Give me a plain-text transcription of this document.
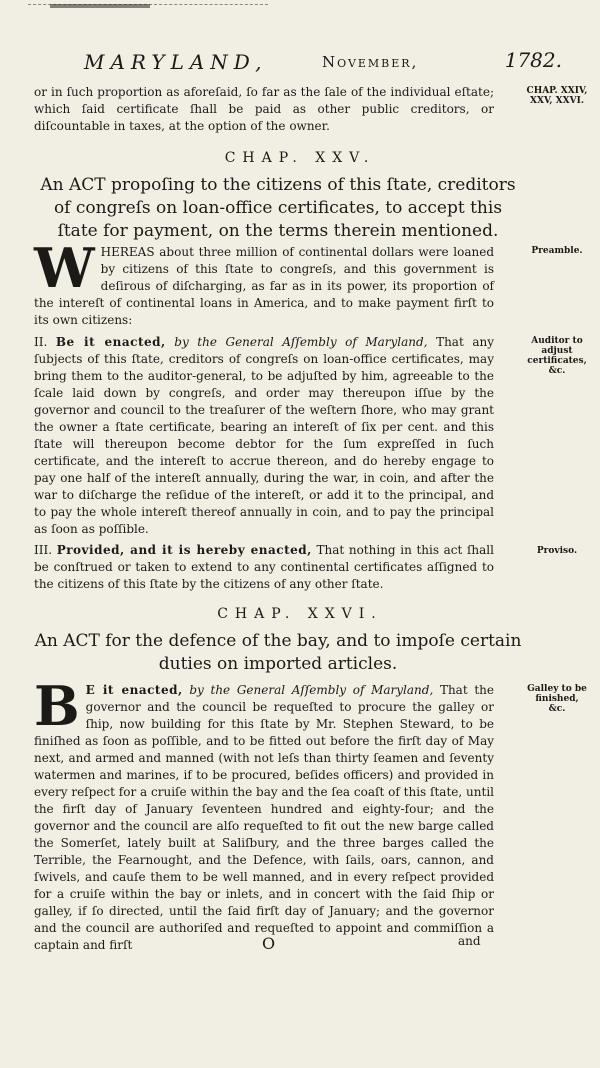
MARYLAND,	November,	1782.
CHAP. XXIV, XXV, XXVI.

or in ſuch proportion as aforeſaid, ſo far as the ſale of the individual eſtate; which ſaid certificate ſhall be paid as other public creditors, or diſcountable in taxes, at the option of the owner.

CHAP. XXV.

An ACT propoſing to the citizens of this ſtate, creditors of congreſs on loan-office certificates, to accept this ſtate for payment, on the terms therein mentioned.

Preamble.

WHEREAS about three million of continental dollars were loaned by citizens of this ſtate to congreſs, and this government is deſirous of diſcharging, as far as in its power, its proportion of the intereſt of continental loans in America, and to make payment firſt to its own citizens:

Auditor to adjust certificates, &c.

II. Be it enacted, by the General Aſſembly of Maryland, That any ſubjects of this ſtate, creditors of congreſs on loan-office certificates, may bring them to the auditor-general, to be adjuſted by him, agreeable to the ſcale laid down by congreſs, and order may thereupon iſſue by the governor and council to the treaſurer of the weſtern ſhore, who may grant the owner a ſtate certificate, bearing an intereſt of ſix per cent. and this ſtate will thereupon become debtor for the ſum expreſſed in ſuch certificate, and the intereſt to accrue thereon, and do hereby engage to pay one half of the intereſt annually, during the war, in coin, and after the war to diſcharge the reſidue of the intereſt, or add it to the principal, and to pay the whole intereſt thereof annually in coin, and to pay the principal as ſoon as poſſible.

Proviso.

III. Provided, and it is hereby enacted, That nothing in this act ſhall be conſtrued or taken to extend to any continental certificates aſſigned to the citizens of this ſtate by the citizens of any other ſtate.

CHAP. XXVI.

An ACT for the defence of the bay, and to impoſe certain duties on imported articles.

Galley to be finished, &c.

B E it enacted, by the General Aſſembly of Maryland, That the governor and the council be requeſted to procure the galley or ſhip, now building for this ſtate by Mr. Stephen Steward, to be finiſhed as ſoon as poſſible, and to be fitted out before the firſt day of May next, and armed and manned (with not leſs than thirty ſeamen and ſeventy watermen and marines, if to be procured, beſides officers) and provided in every reſpect for a cruiſe within the bay and the ſea coaſt of this ſtate, until the firſt day of January ſeventeen hundred and eighty-four; and the governor and the council are alſo requeſted to fit out the new barge called the Somerſet, lately built at Saliſbury, and the three barges called the Terrible, the Fearnought, and the Defence, with ſails, oars, cannon, and ſwivels, and cauſe them to be well manned, and in every reſpect provided for a cruiſe within the bay or inlets, and in concert with the ſaid ſhip or galley, if ſo directed, until the ſaid firſt day of January; and the governor and the council are authoriſed and requeſted to appoint and commiſſion a captain and firſt	O	and
